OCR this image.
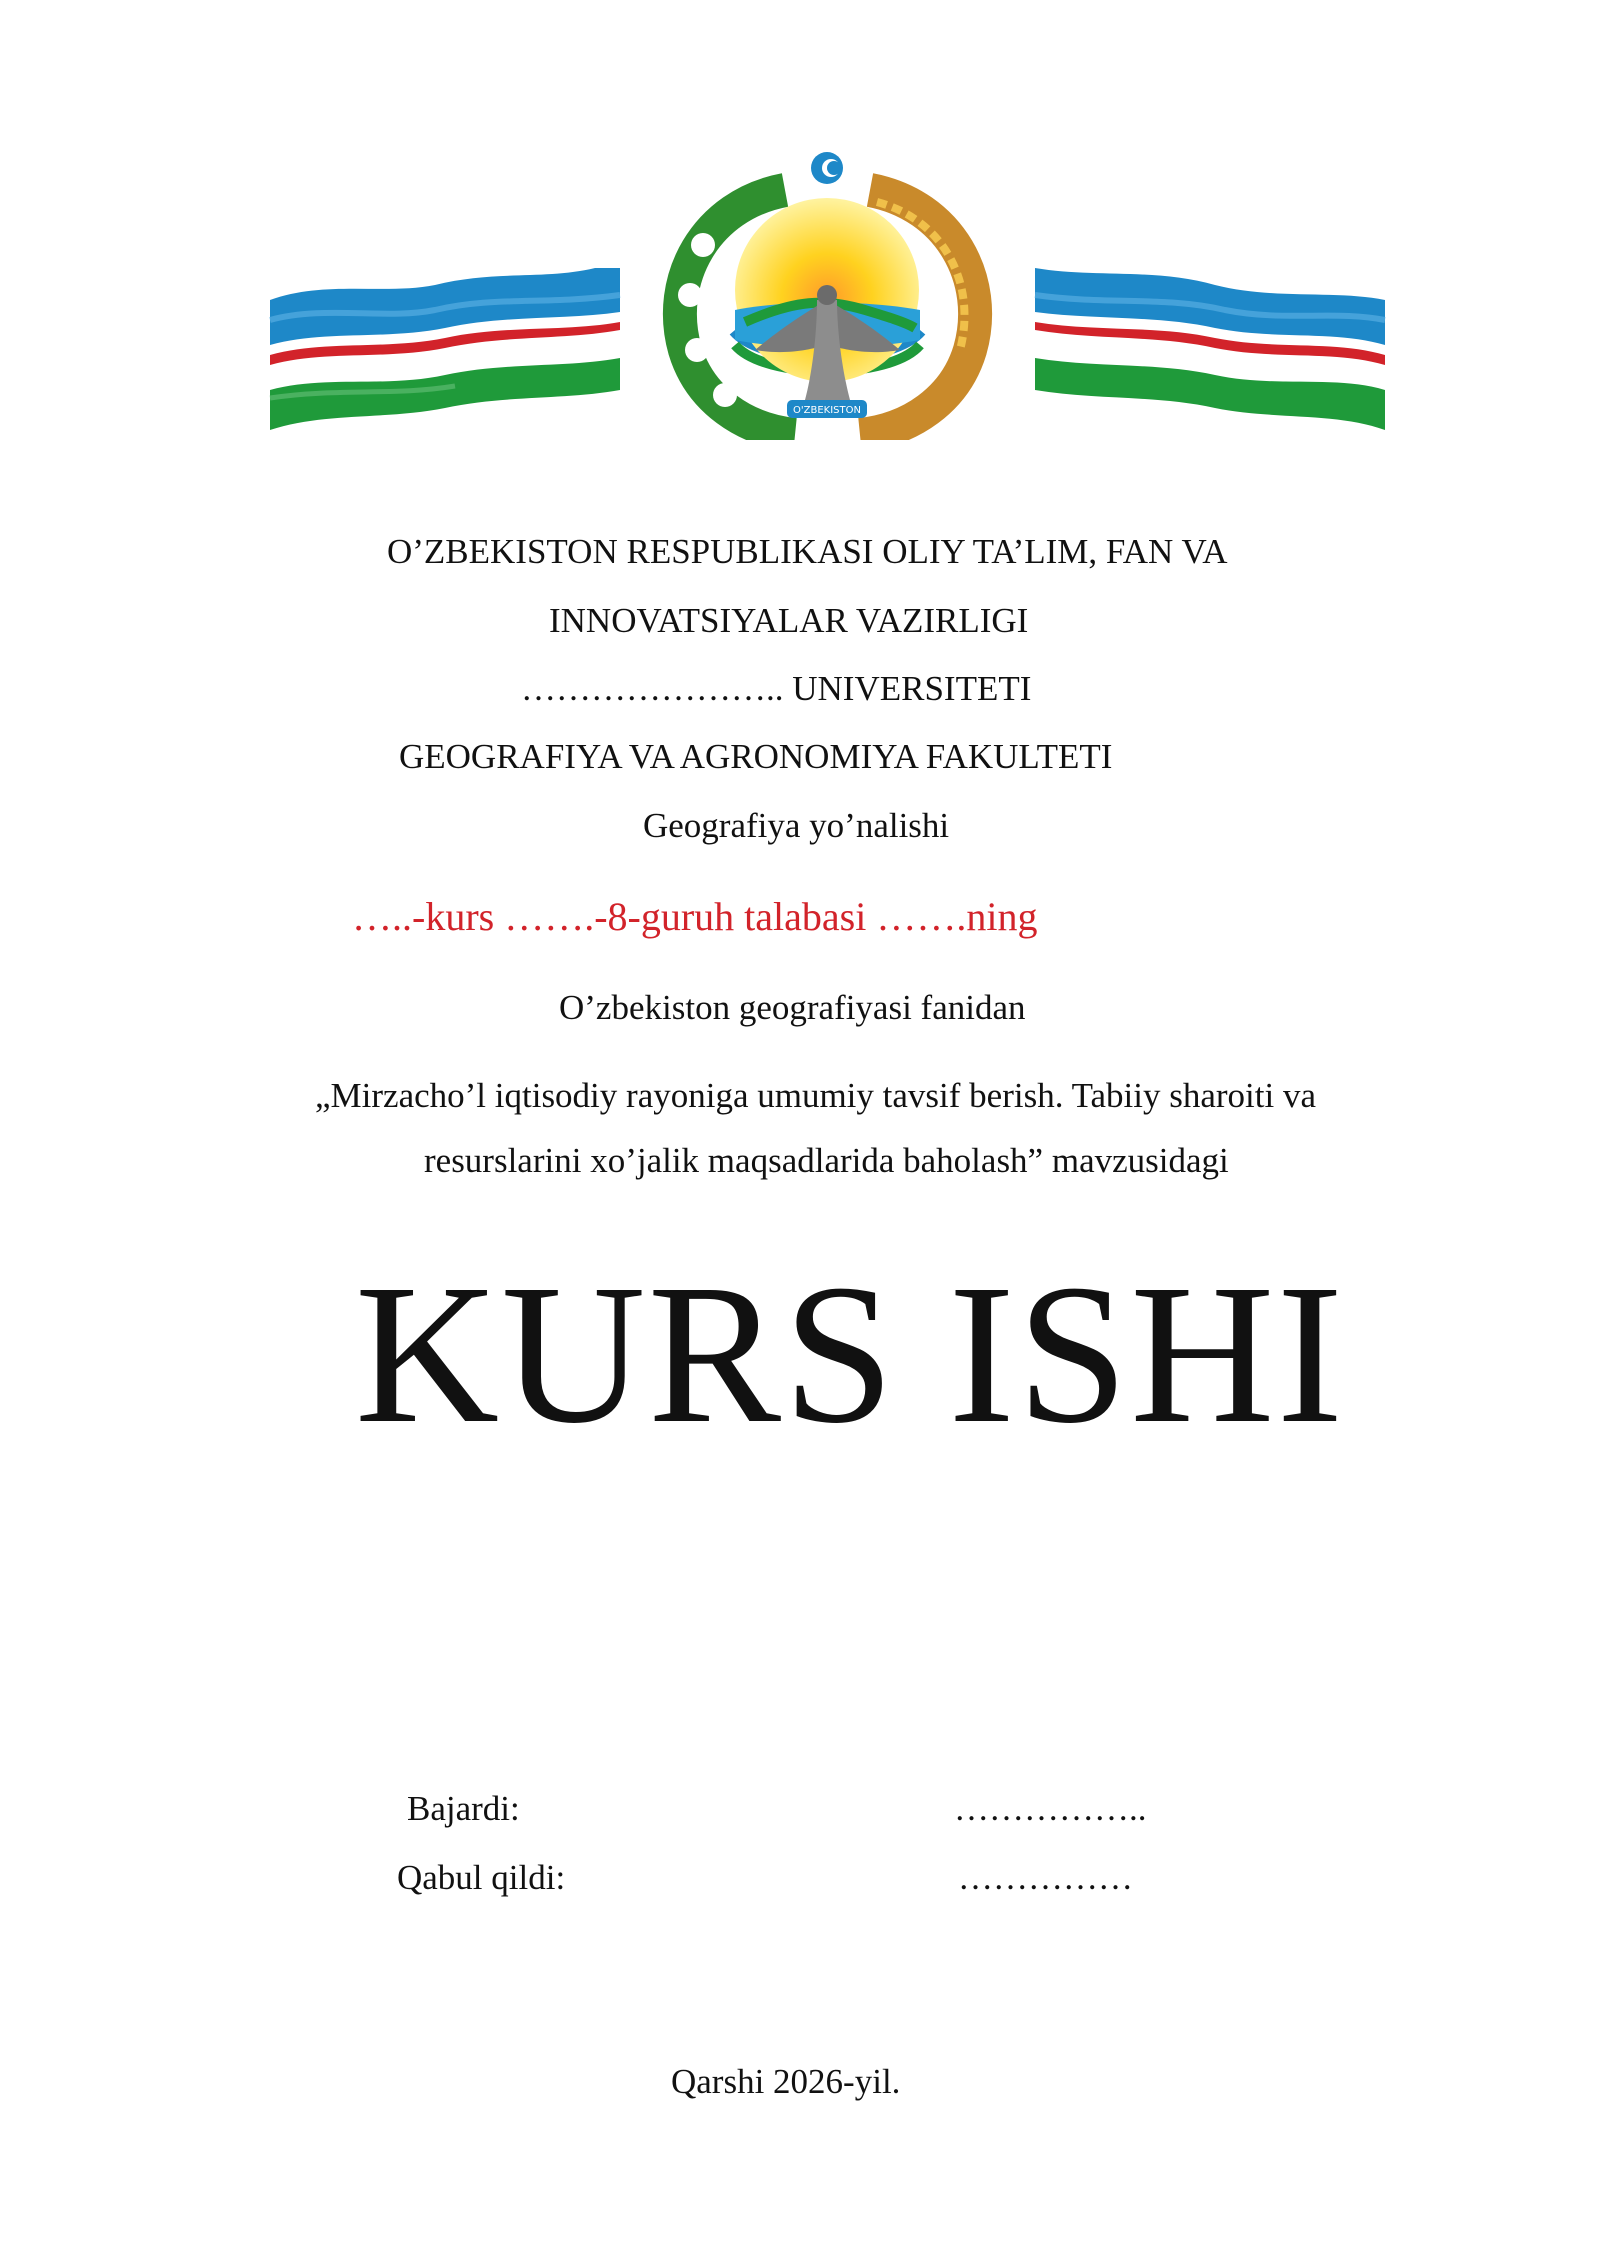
O'ZBEKISTON
O’ZBEKISTON RESPUBLIKASI OLIY TA’LIM, FAN VA
INNOVATSIYALAR VAZIRLIGI
………………….. UNIVERSITETI
GEOGRAFIYA VA AGRONOMIYA FAKULTETI
Geografiya yo’nalishi
…..-kurs …….-8-guruh talabasi …….ning
O’zbekiston geografiyasi fanidan
„Mirzacho’l iqtisodiy rayoniga umumiy tavsif berish. Tabiiy sharoiti va
resurslarini xo’jalik maqsadlarida baholash” mavzusidagi
KURS ISHI
Bajardi:	……………..
Qabul qildi:	……………
Qarshi 2026-yil.
